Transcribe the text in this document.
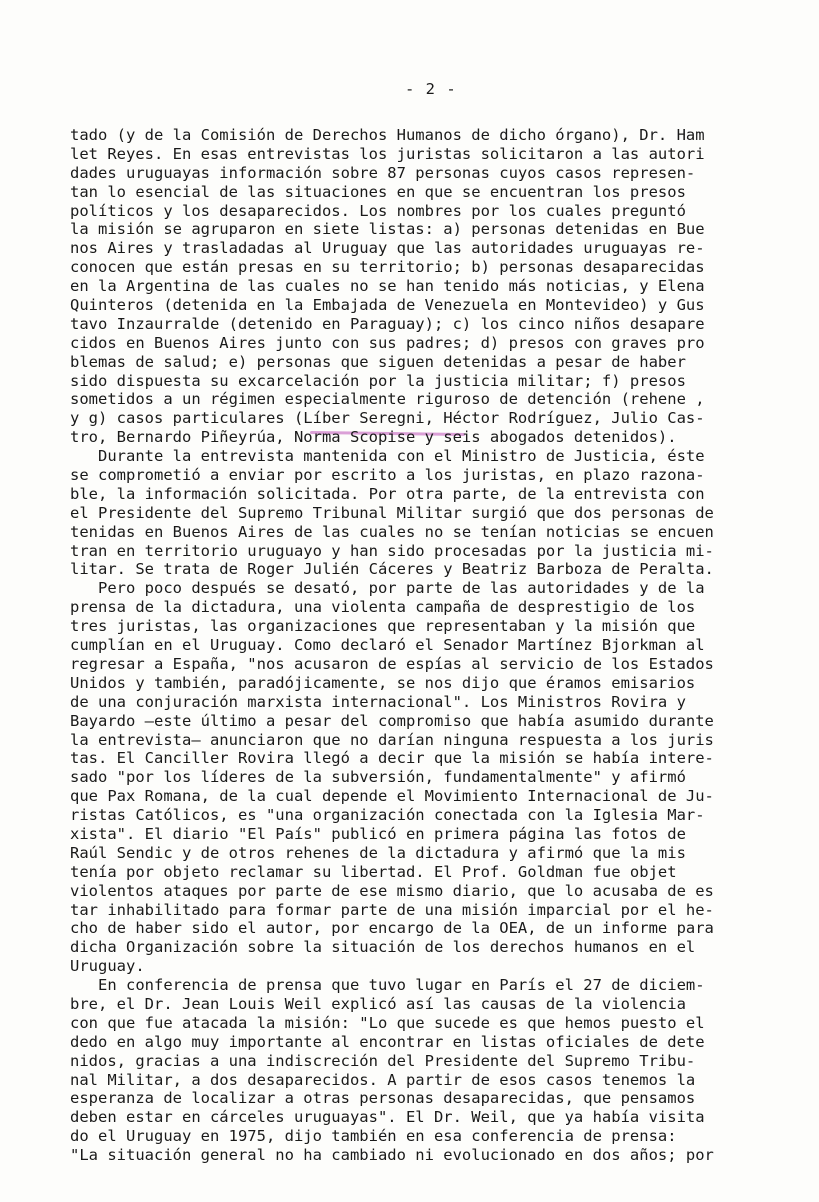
- 2 -
tado (y de la Comisión de Derechos Humanos de dicho órgano), Dr. Ham
let Reyes. En esas entrevistas los juristas solicitaron a las autori
dades uruguayas información sobre 87 personas cuyos casos represen-
tan lo esencial de las situaciones en que se encuentran los presos
políticos y los desaparecidos. Los nombres por los cuales preguntó
la misión se agruparon en siete listas: a) personas detenidas en Bue
nos Aires y trasladadas al Uruguay que las autoridades uruguayas re-
conocen que están presas en su territorio; b) personas desaparecidas
en la Argentina de las cuales no se han tenido más noticias, y Elena
Quinteros (detenida en la Embajada de Venezuela en Montevideo) y Gus
tavo Inzaurralde (detenido en Paraguay); c) los cinco niños desapare
cidos en Buenos Aires junto con sus padres; d) presos con graves pro
blemas de salud; e) personas que siguen detenidas a pesar de haber
sido dispuesta su excarcelación por la justicia militar; f) presos
sometidos a un régimen especialmente riguroso de detención (rehene ,
y g) casos particulares (Líber Seregni, Héctor Rodríguez, Julio Cas-
tro, Bernardo Piñeyrúa, Norma Scopise y seis abogados detenidos).
Durante la entrevista mantenida con el Ministro de Justicia, éste
se comprometió a enviar por escrito a los juristas, en plazo razona-
ble, la información solicitada. Por otra parte, de la entrevista con
el Presidente del Supremo Tribunal Militar surgió que dos personas de
tenidas en Buenos Aires de las cuales no se tenían noticias se encuen
tran en territorio uruguayo y han sido procesadas por la justicia mi-
litar. Se trata de Roger Julién Cáceres y Beatriz Barboza de Peralta.
Pero poco después se desató, por parte de las autoridades y de la
prensa de la dictadura, una violenta campaña de desprestigio de los
tres juristas, las organizaciones que representaban y la misión que
cumplían en el Uruguay. Como declaró el Senador Martínez Bjorkman al
regresar a España, "nos acusaron de espías al servicio de los Estados
Unidos y también, paradójicamente, se nos dijo que éramos emisarios
de una conjuración marxista internacional". Los Ministros Rovira y
Bayardo —este último a pesar del compromiso que había asumido durante
la entrevista— anunciaron que no darían ninguna respuesta a los juris
tas. El Canciller Rovira llegó a decir que la misión se había intere-
sado "por los líderes de la subversión, fundamentalmente" y afirmó
que Pax Romana, de la cual depende el Movimiento Internacional de Ju-
ristas Católicos, es "una organización conectada con la Iglesia Mar-
xista". El diario "El País" publicó en primera página las fotos de
Raúl Sendic y de otros rehenes de la dictadura y afirmó que la mis
tenía por objeto reclamar su libertad. El Prof. Goldman fue objet
violentos ataques por parte de ese mismo diario, que lo acusaba de es
tar inhabilitado para formar parte de una misión imparcial por el he-
cho de haber sido el autor, por encargo de la OEA, de un informe para
dicha Organización sobre la situación de los derechos humanos en el
Uruguay.
En conferencia de prensa que tuvo lugar en París el 27 de diciem-
bre, el Dr. Jean Louis Weil explicó así las causas de la violencia
con que fue atacada la misión: "Lo que sucede es que hemos puesto el
dedo en algo muy importante al encontrar en listas oficiales de dete
nidos, gracias a una indiscreción del Presidente del Supremo Tribu-
nal Militar, a dos desaparecidos. A partir de esos casos tenemos la
esperanza de localizar a otras personas desaparecidas, que pensamos
deben estar en cárceles uruguayas". El Dr. Weil, que ya había visita
do el Uruguay en 1975, dijo también en esa conferencia de prensa:
"La situación general no ha cambiado ni evolucionado en dos años; por
